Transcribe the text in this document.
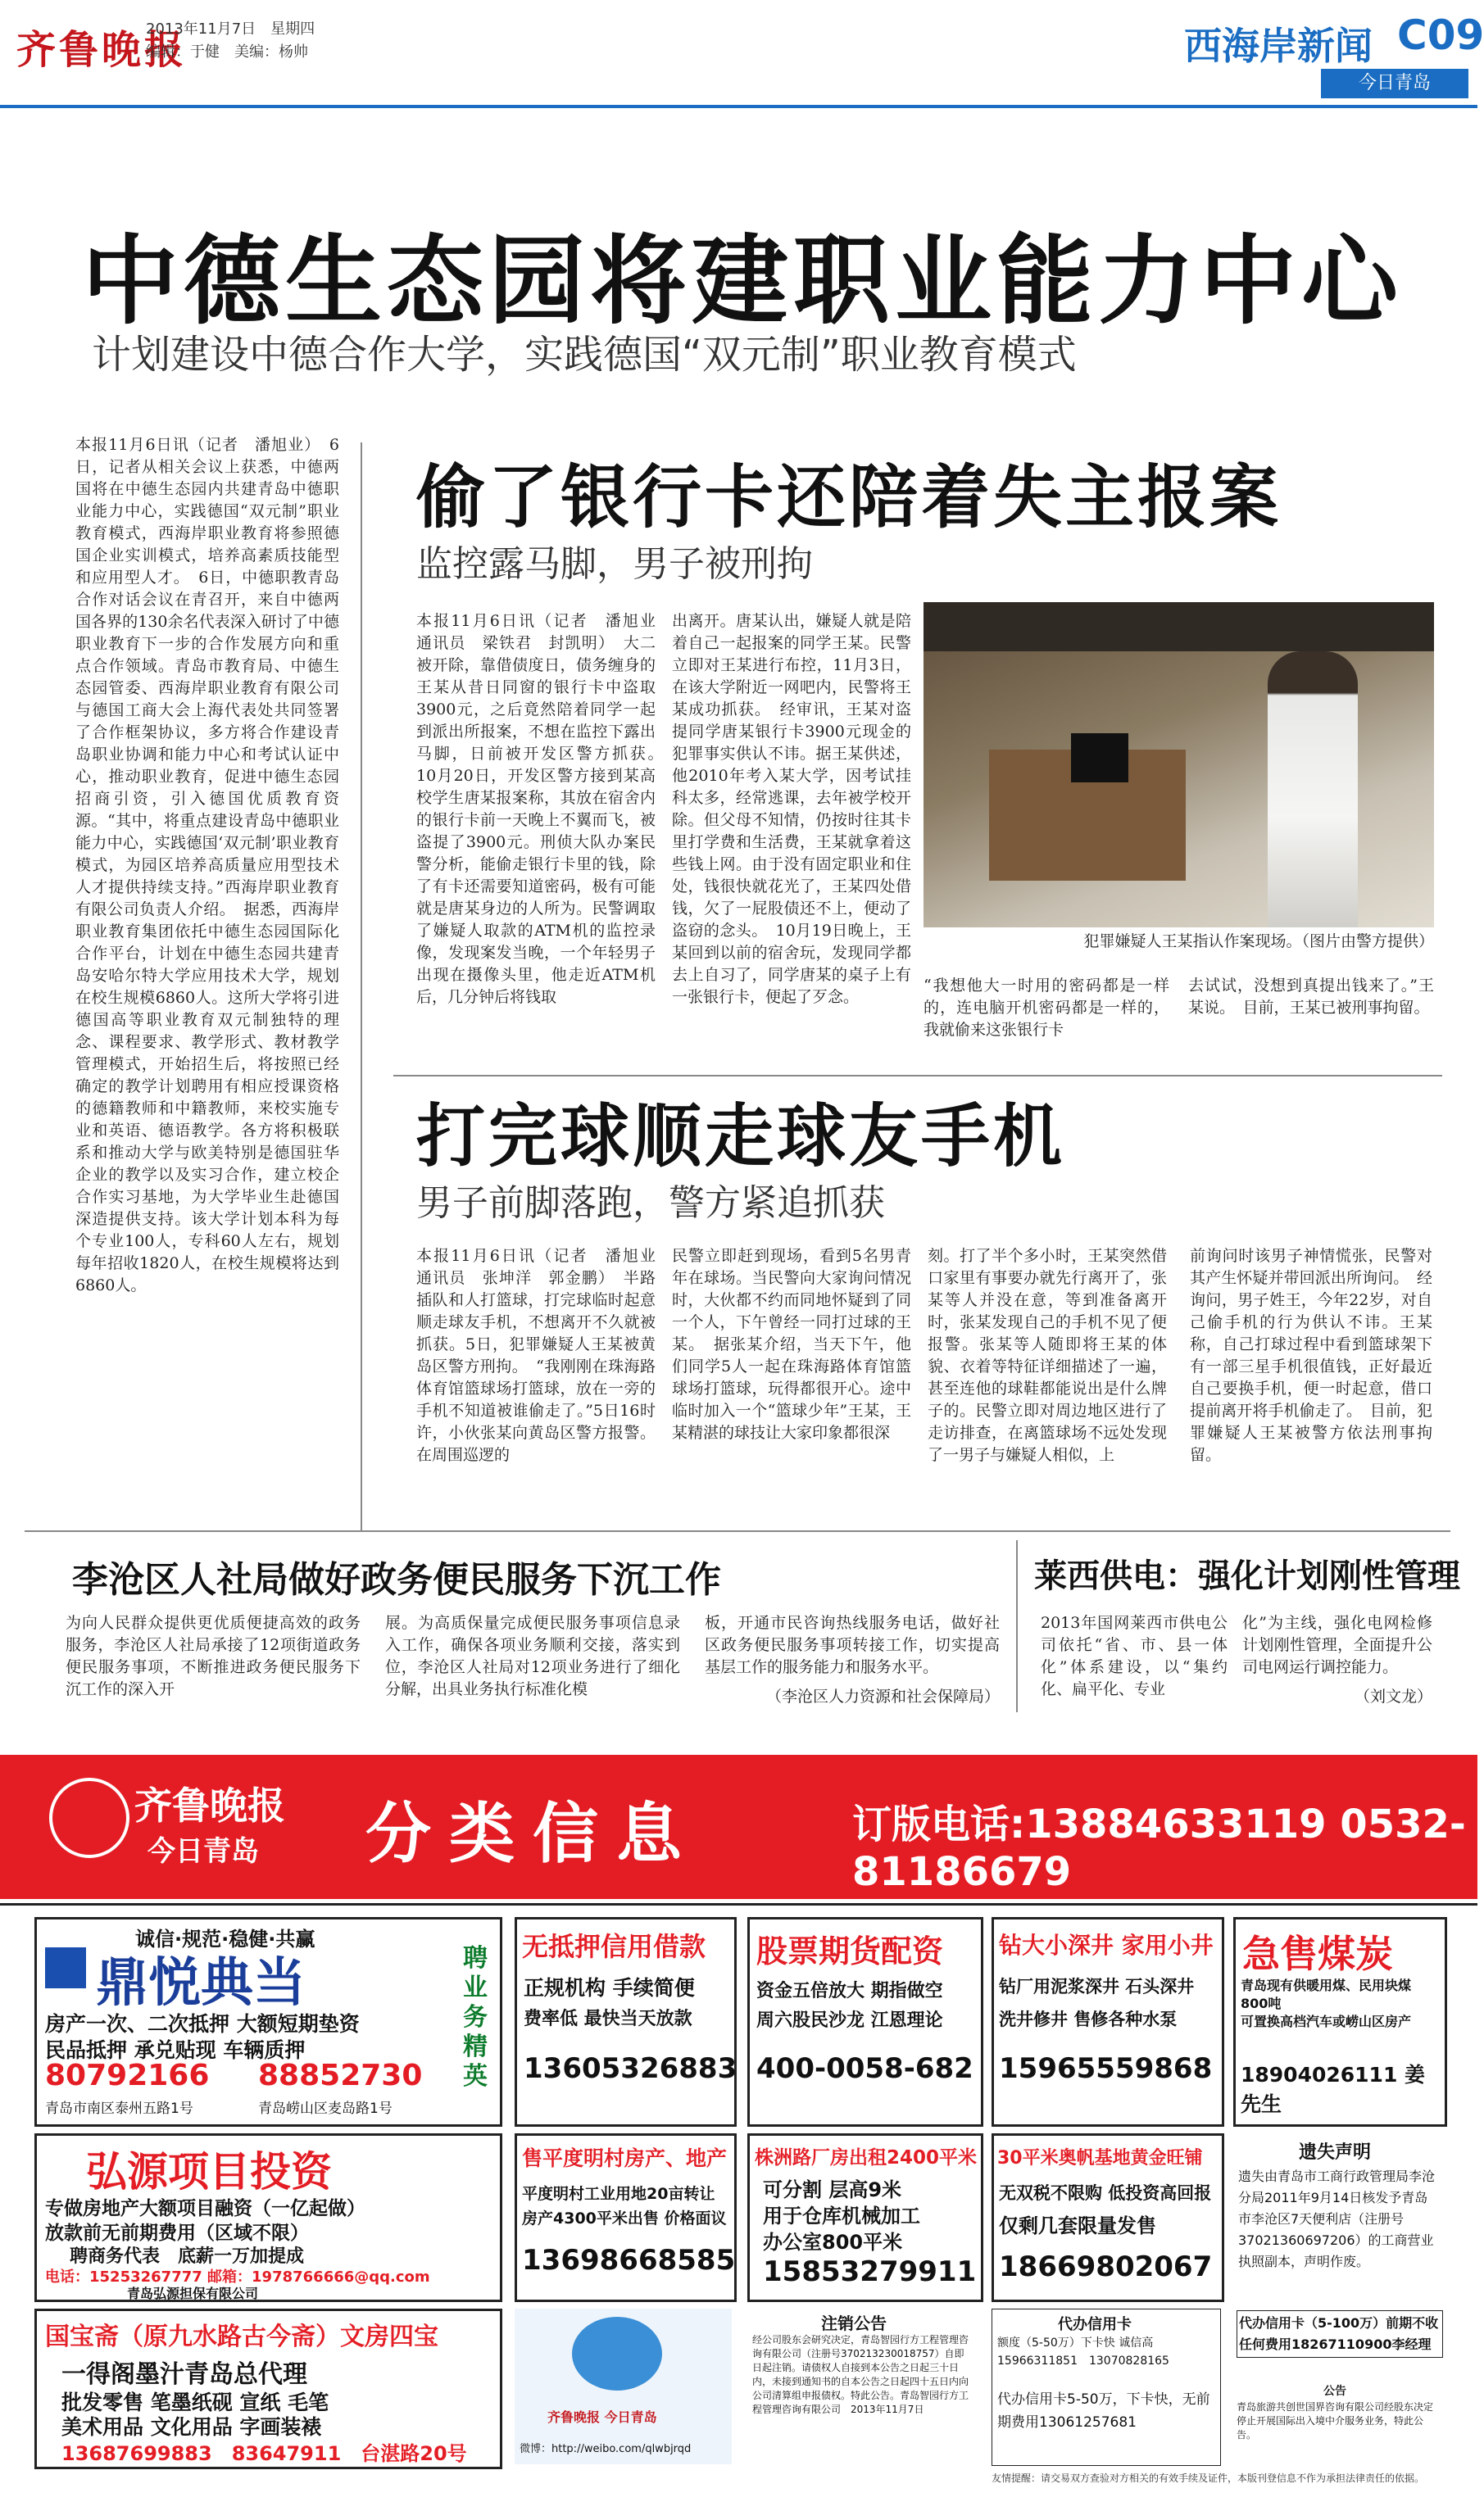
齐鲁晚报
2013年11月7日　星期四
编辑：于健　美编：杨帅	西海岸新闻 C09
今日青岛
中德生态园将建职业能力中心
计划建设中德合作大学，实践德国“双元制”职业教育模式
本报11月6日讯（记者　潘旭业）　6日，记者从相关会议上获悉，中德两国将在中德生态园内共建青岛中德职业能力中心，实践德国“双元制”职业教育模式，西海岸职业教育将参照德国企业实训模式，培养高素质技能型和应用型人才。　6日，中德职教青岛合作对话会议在青召开，来自中德两国各界的130余名代表深入研讨了中德职业教育下一步的合作发展方向和重点合作领域。青岛市教育局、中德生态园管委、西海岸职业教育有限公司与德国工商大会上海代表处共同签署了合作框架协议，多方将合作建设青岛职业协调和能力中心和考试认证中心，推动职业教育，促进中德生态园招商引资，引入德国优质教育资源。“其中，将重点建设青岛中德职业能力中心，实践德国‘双元制’职业教育模式，为园区培养高质量应用型技术人才提供持续支持。”西海岸职业教育有限公司负责人介绍。　据悉，西海岸职业教育集团依托中德生态园国际化合作平台，计划在中德生态园共建青岛安哈尔特大学应用技术大学，规划在校生规模6860人。这所大学将引进德国高等职业教育双元制独特的理念、课程要求、教学形式、教材教学管理模式，开始招生后，将按照已经确定的教学计划聘用有相应授课资格的德籍教师和中籍教师，来校实施专业和英语、德语教学。各方将积极联系和推动大学与欧美特别是德国驻华企业的教学以及实习合作，建立校企合作实习基地，为大学毕业生赴德国深造提供支持。该大学计划本科为每个专业100人，专科60人左右，规划每年招收1820人，在校生规模将达到6860人。
偷了银行卡还陪着失主报案
监控露马脚，男子被刑拘
本报11月6日讯（记者　潘旭业　通讯员　梁铁君　封凯明）　大二被开除，靠借债度日，债务缠身的王某从昔日同窗的银行卡中盗取3900元，之后竟然陪着同学一起到派出所报案，不想在监控下露出马脚，日前被开发区警方抓获。　10月20日，开发区警方接到某高校学生唐某报案称，其放在宿舍内的银行卡前一天晚上不翼而飞，被盗提了3900元。刑侦大队办案民警分析，能偷走银行卡里的钱，除了有卡还需要知道密码，极有可能就是唐某身边的人所为。民警调取了嫌疑人取款的ATM机的监控录像，发现案发当晚，一个年轻男子出现在摄像头里，他走近ATM机后，几分钟后将钱取
出离开。唐某认出，嫌疑人就是陪着自己一起报案的同学王某。民警立即对王某进行布控，11月3日，在该大学附近一网吧内，民警将王某成功抓获。　经审讯，王某对盗提同学唐某银行卡3900元现金的犯罪事实供认不讳。据王某供述，他2010年考入某大学，因考试挂科太多，经常逃课，去年被学校开除。但父母不知情，仍按时往其卡里打学费和生活费，王某就拿着这些钱上网。由于没有固定职业和住处，钱很快就花光了，王某四处借钱，欠了一屁股债还不上，便动了盗窃的念头。　10月19日晚上，王某回到以前的宿舍玩，发现同学都去上自习了，同学唐某的桌子上有一张银行卡，便起了歹念。
犯罪嫌疑人王某指认作案现场。（图片由警方提供）
“我想他大一时用的密码都是一样的，连电脑开机密码都是一样的，我就偷来这张银行卡
去试试，没想到真提出钱来了。”王某说。　目前，王某已被刑事拘留。
打完球顺走球友手机
男子前脚落跑，警方紧追抓获
本报11月6日讯（记者　潘旭业　通讯员　张坤洋　郭金鹏）　半路插队和人打篮球，打完球临时起意顺走球友手机，不想离开不久就被抓获。5日，犯罪嫌疑人王某被黄岛区警方刑拘。　“我刚刚在珠海路体育馆篮球场打篮球，放在一旁的手机不知道被谁偷走了。”5日16时许，小伙张某向黄岛区警方报警。在周围巡逻的
民警立即赶到现场，看到5名男青年在球场。当民警向大家询问情况时，大伙都不约而同地怀疑到了同一个人，下午曾经一同打过球的王某。　据张某介绍，当天下午，他们同学5人一起在珠海路体育馆篮球场打篮球，玩得都很开心。途中临时加入一个“篮球少年”王某，王某精湛的球技让大家印象都很深
刻。打了半个多小时，王某突然借口家里有事要办就先行离开了，张某等人并没在意，等到准备离开时，张某发现自己的手机不见了便报警。张某等人随即将王某的体貌、衣着等特征详细描述了一遍，甚至连他的球鞋都能说出是什么牌子的。民警立即对周边地区进行了走访排查，在离篮球场不远处发现了一男子与嫌疑人相似，上
前询问时该男子神情慌张，民警对其产生怀疑并带回派出所询问。　经询问，男子姓王，今年22岁，对自己偷手机的行为供认不讳。王某称，自己打球过程中看到篮球架下有一部三星手机很值钱，正好最近自己要换手机，便一时起意，借口提前离开将手机偷走了。　目前，犯罪嫌疑人王某被警方依法刑事拘留。
李沧区人社局做好政务便民服务下沉工作
为向人民群众提供更优质便捷高效的政务服务，李沧区人社局承接了12项街道政务便民服务事项，不断推进政务便民服务下沉工作的深入开
展。为高质保量完成便民服务事项信息录入工作，确保各项业务顺利交接，落实到位，李沧区人社局对12项业务进行了细化分解，出具业务执行标准化模
板，开通市民咨询热线服务电话，做好社区政务便民服务事项转接工作，切实提高基层工作的服务能力和服务水平。
（李沧区人力资源和社会保障局）
莱西供电：强化计划刚性管理
2013年国网莱西市供电公司依托“省、市、县一体化”体系建设，以“集约化、扁平化、专业
化”为主线，强化电网检修计划刚性管理，全面提升公司电网运行调控能力。
（刘文龙）
齐鲁晚报
今日青岛 分类信息	订版电话:13884633119 0532-81186679
诚信·规范·稳健·共赢
鼎悦典当	聘业务精英
房产一次、二次抵押 大额短期垫资
民品抵押 承兑贴现 车辆质押
80792166 88852730
青岛市南区泰州五路1号	青岛崂山区麦岛路1号
无抵押信用借款
正规机构 手续简便
费率低 最快当天放款
13605326883
股票期货配资
资金五倍放大 期指做空
周六股民沙龙 江恩理论
400-0058-682
钻大小深井 家用小井
钻厂用泥浆深井 石头深井
洗井修井 售修各种水泵
15965559868
急售煤炭
青岛现有供暖用煤、民用块煤800吨
可置换高档汽车或崂山区房产
18904026111 姜先生
弘源项目投资
专做房地产大额项目融资（一亿起做）
放款前无前期费用（区域不限）
聘商务代表　底薪一万加提成
电话：15253267777 邮箱：1978766666@qq.com
青岛弘源担保有限公司
售平度明村房产、地产
平度明村工业用地20亩转让
房产4300平米出售 价格面议
13698668585
株洲路厂房出租2400平米
可分割 层高9米
用于仓库机械加工
办公室800平米
15853279911
30平米奥帆基地黄金旺铺
无双税不限购 低投资高回报
仅剩几套限量发售
18669802067
遗失声明
遗失由青岛市工商行政管理局李沧分局2011年9月14日核发予青岛市李沧区7天便利店（注册号37021360697206）的工商营业执照副本，声明作废。
国宝斋（原九水路古今斋）文房四宝
一得阁墨汁青岛总代理
批发零售 笔墨纸砚 宣纸 毛笔
美术用品 文化用品 字画装裱
13687699883　83647911　台湛路20号
齐鲁晚报 今日青岛
微博：http://weibo.com/qlwbjrqd
注销公告
经公司股东会研究决定，青岛智园行方工程管理咨询有限公司（注册号370213230018757）自即日起注销。请债权人自接到本公告之日起三十日内，未接到通知书的自本公告之日起四十五日内向公司清算组申报债权。特此公告。青岛智园行方工程管理咨询有限公司　2013年11月7日
代办信用卡
额度（5-50万）下卡快 诚信高
15966311851　13070828165
代办信用卡5-50万，下卡快，无前期费用13061257681
代办信用卡（5-100万）前期不收任何费用18267110900李经理
公告
青岛旅游共创世国界咨询有限公司经股东决定停止开展国际出入境中介服务业务，特此公告。
友情提醒：请交易双方查验对方相关的有效手续及证件，本版刊登信息不作为承担法律责任的依据。
